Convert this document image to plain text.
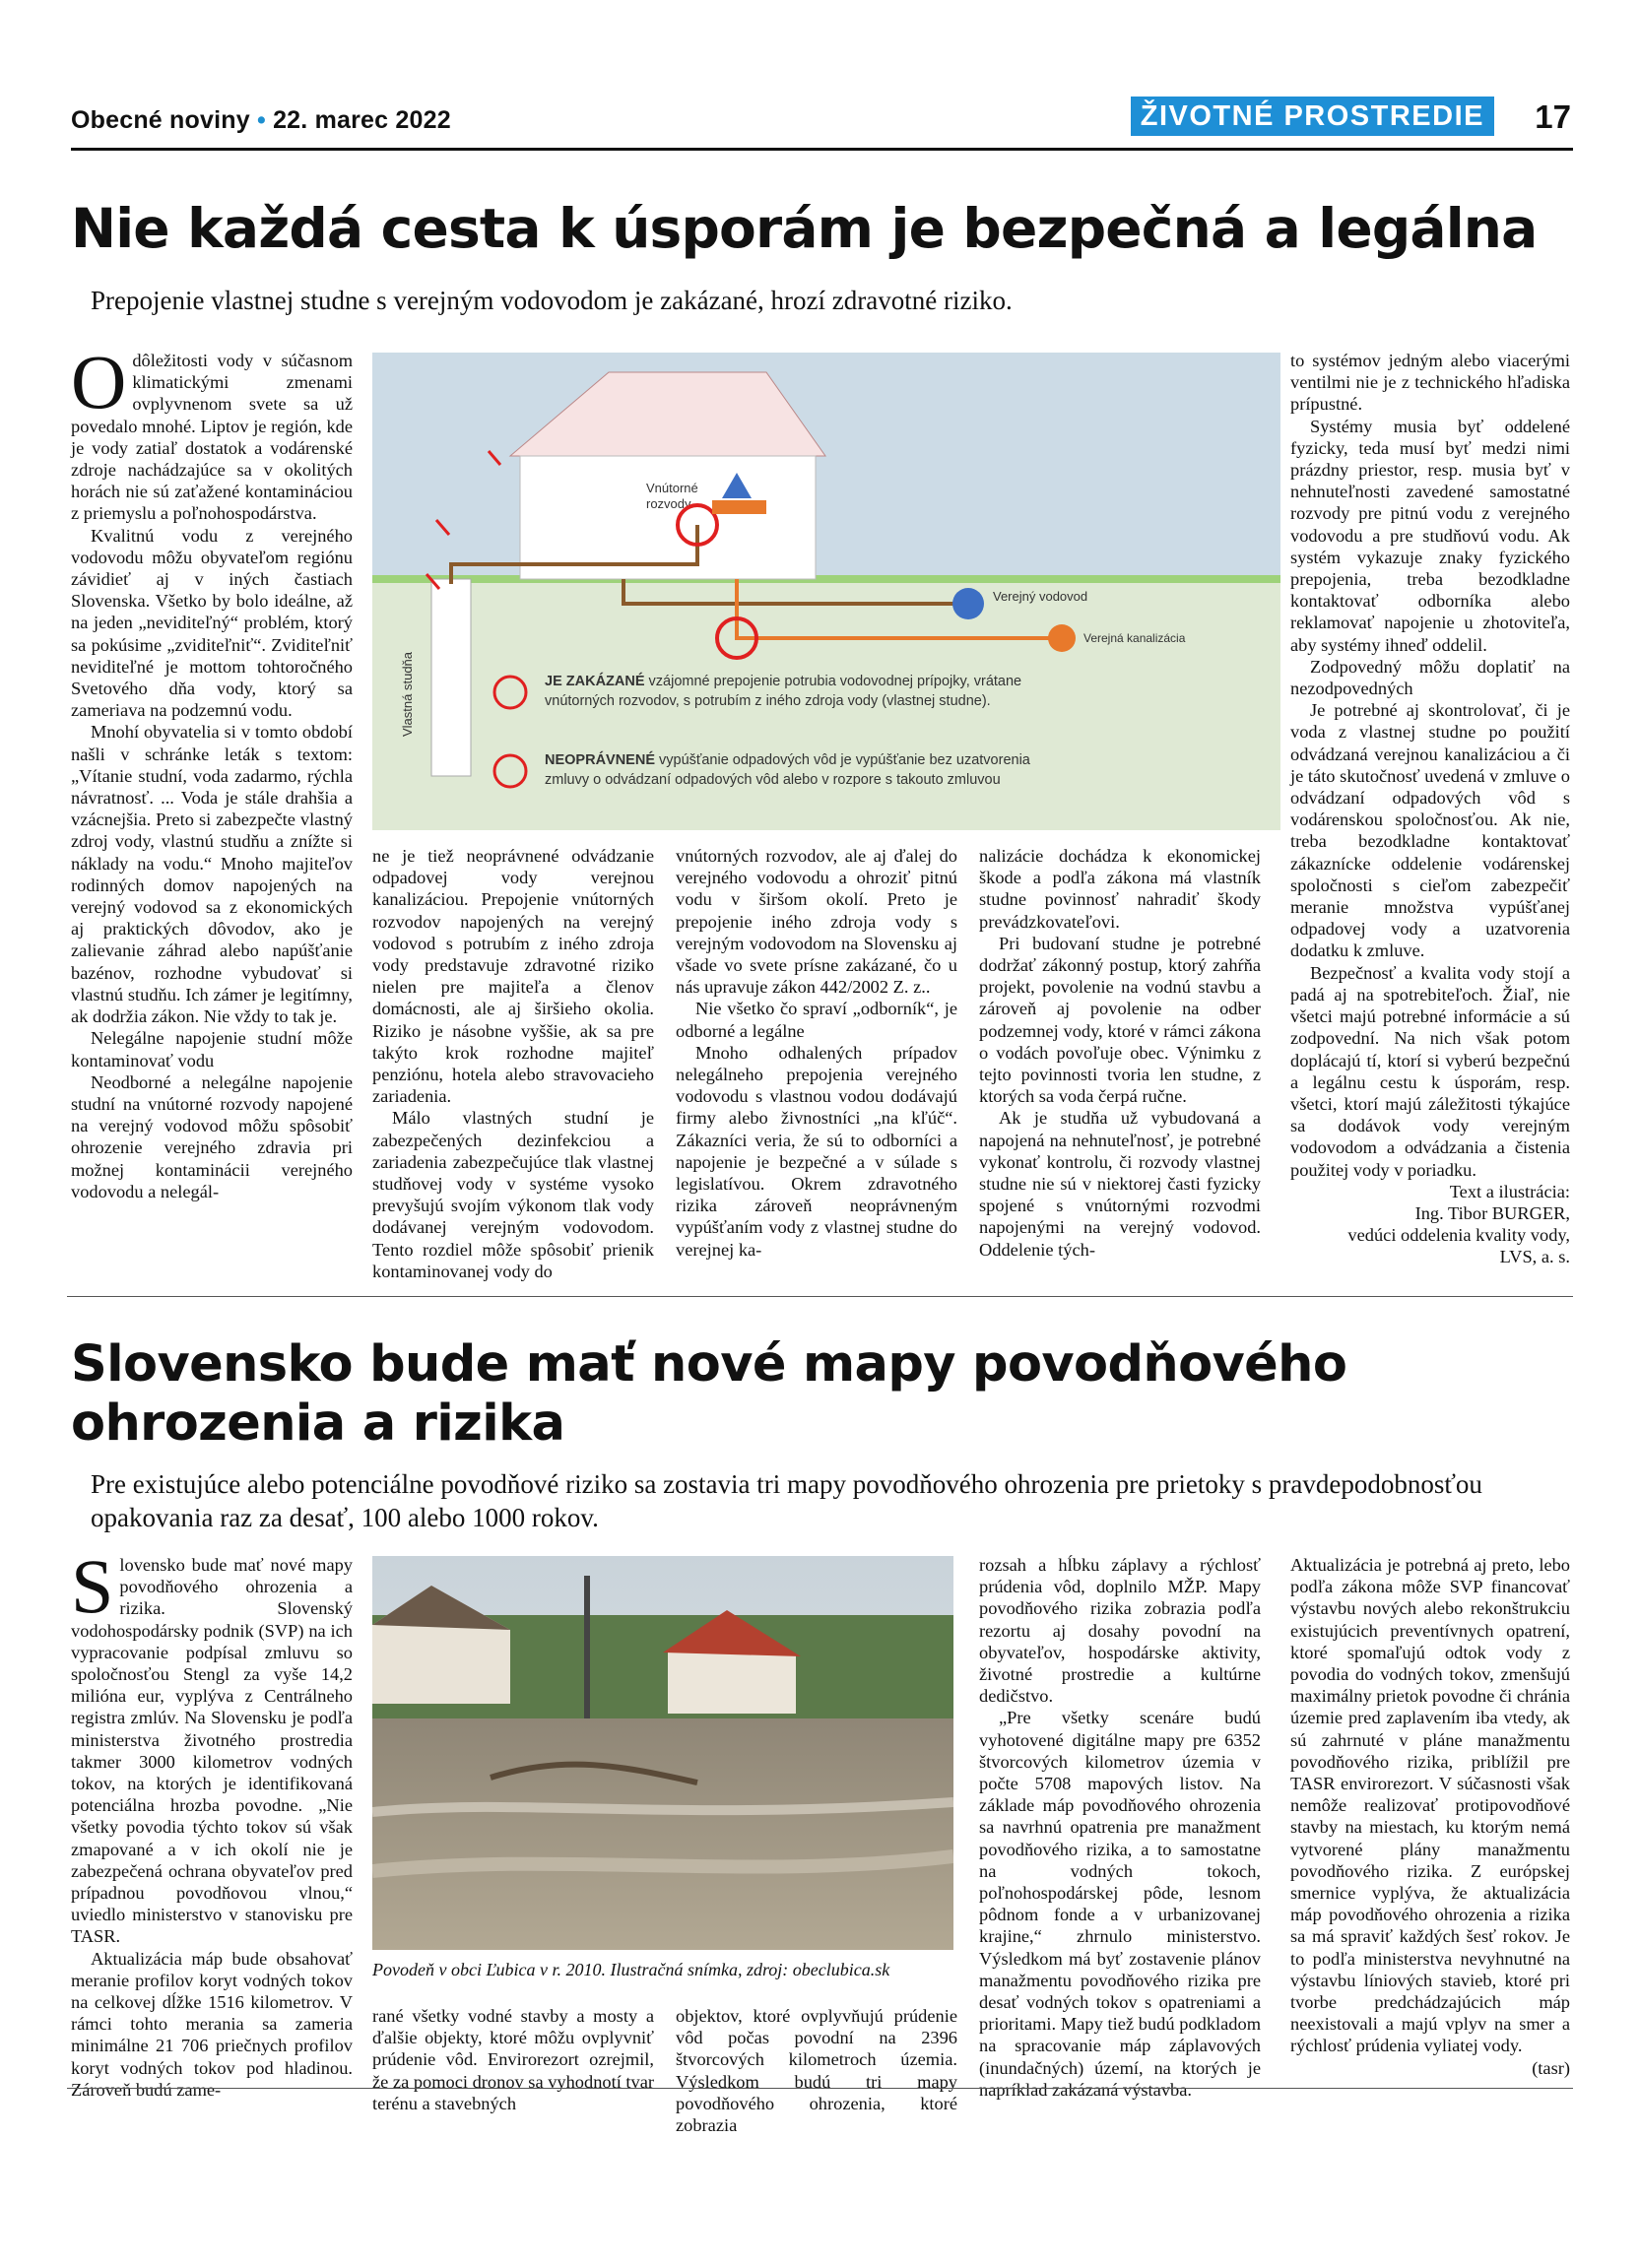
Obecné noviny • 22. marec 2022	ŽIVOTNÉ PROSTREDIE	17
Nie každá cesta k úsporám je bezpečná a legálna
Prepojenie vlastnej studne s verejným vodovodom je zakázané, hrozí zdravotné riziko.

Odôležitosti vody v súčasnom klimatickými zmenami ovplyvnenom svete sa už povedalo mnohé. Liptov je región, kde je vody zatiaľ dostatok a vodárenské zdroje nachádzajúce sa v okolitých horách nie sú zaťažené kontamináciou z priemyslu a poľnohospodárstva.

Kvalitnú vodu z verejného vodovodu môžu obyvateľom regiónu závidieť aj v iných častiach Slovenska. Všetko by bolo ideálne, až na jeden „neviditeľný“ problém, ktorý sa pokúsime „zviditeľniť“. Zviditeľniť neviditeľné je mottom tohtoročného Svetového dňa vody, ktorý sa zameriava na podzemnú vodu.

Mnohí obyvatelia si v tomto období našli v schránke leták s textom: „Vítanie studní, voda zadarmo, rýchla návratnosť. ... Voda je stále drahšia a vzácnejšia. Preto si zabezpečte vlastný zdroj vody, vlastnú studňu a znížte si náklady na vodu.“ Mnoho majiteľov rodinných domov napojených na verejný vodovod sa z ekonomických aj praktických dôvodov, ako je zalievanie záhrad alebo napúšťanie bazénov, rozhodne vybudovať si vlastnú studňu. Ich zámer je legitímny, ak dodržia zákon. Nie vždy to tak je.

Nelegálne napojenie studní môže kontaminovať vodu

Neodborné a nelegálne napojenie studní na vnútorné rozvody napojené na verejný vodovod môžu spôsobiť ohrozenie verejného zdravia pri možnej kontaminácii verejného vodovodu a nelegál-

Vnútorné rozvody
Vlastná studňa
Verejný vodovod
Verejná kanalizácia
JE ZAKÁZANÉ vzájomné prepojenie potrubia vodovodnej prípojky, vrátane vnútorných rozvodov, s potrubím z iného zdroja vody (vlastnej studne).
NEOPRÁVNENÉ vypúšťanie odpadových vôd je vypúšťanie bez uzatvorenia zmluvy o odvádzaní odpadových vôd alebo v rozpore s takouto zmluvou

ne je tiež neoprávnené odvádzanie odpadovej vody verejnou kanalizáciou. Prepojenie vnútorných rozvodov napojených na verejný vodovod s potrubím z iného zdroja vody predstavuje zdravotné riziko nielen pre majiteľa a členov domácnosti, ale aj širšieho okolia. Riziko je násobne vyššie, ak sa pre takýto krok rozhodne majiteľ penziónu, hotela alebo stravovacieho zariadenia.

Málo vlastných studní je zabezpečených dezinfekciou a zariadenia zabezpečujúce tlak vlastnej studňovej vody v systéme vysoko prevyšujú svojím výkonom tlak vody dodávanej verejným vodovodom. Tento rozdiel môže spôsobiť prienik kontaminovanej vody do

vnútorných rozvodov, ale aj ďalej do verejného vodovodu a ohroziť pitnú vodu v širšom okolí. Preto je prepojenie iného zdroja vody s verejným vodovodom na Slovensku aj všade vo svete prísne zakázané, čo u nás upravuje zákon 442/2002 Z. z..

Nie všetko čo spraví „odborník“, je odborné a legálne

Mnoho odhalených prípadov nelegálneho prepojenia verejného vodovodu s vlastnou vodou dodávajú firmy alebo živnostníci „na kľúč“. Zákazníci veria, že sú to odborníci a napojenie je bezpečné a v súlade s legislatívou. Okrem zdravotného rizika zároveň neoprávneným vypúšťaním vody z vlastnej studne do verejnej ka-

nalizácie dochádza k ekonomickej škode a podľa zákona má vlastník studne povinnosť nahradiť škody prevádzkovateľovi.

Pri budovaní studne je potrebné dodržať zákonný postup, ktorý zahŕňa projekt, povolenie na vodnú stavbu a zároveň aj povolenie na odber podzemnej vody, ktoré v rámci zákona o vodách povoľuje obec. Výnimku z tejto povinnosti tvoria len studne, z ktorých sa voda čerpá ručne.

Ak je studňa už vybudovaná a napojená na nehnuteľnosť, je potrebné vykonať kontrolu, či rozvody vlastnej studne nie sú v niektorej časti fyzicky spojené s vnútornými rozvodmi napojenými na verejný vodovod. Oddelenie tých-

to systémov jedným alebo viacerými ventilmi nie je z technického hľadiska prípustné.

Systémy musia byť oddelené fyzicky, teda musí byť medzi nimi prázdny priestor, resp. musia byť v nehnuteľnosti zavedené samostatné rozvody pre pitnú vodu z verejného vodovodu a pre studňovú vodu. Ak systém vykazuje znaky fyzického prepojenia, treba bezodkladne kontaktovať odborníka alebo reklamovať napojenie u zhotoviteľa, aby systémy ihneď oddelil.

Zodpovedný môžu doplatiť na nezodpovedných

Je potrebné aj skontrolovať, či je voda z vlastnej studne po použití odvádzaná verejnou kanalizáciou a či je táto skutočnosť uvedená v zmluve o odvádzaní odpadových vôd s vodárenskou spoločnosťou. Ak nie, treba bezodkladne kontaktovať zákaznícke oddelenie vodárenskej spoločnosti s cieľom zabezpečiť meranie množstva vypúšťanej odpadovej vody a uzatvorenia dodatku k zmluve.

Bezpečnosť a kvalita vody stojí a padá aj na spotrebiteľoch. Žiaľ, nie všetci majú potrebné informácie a sú zodpovední. Na nich však potom doplácajú tí, ktorí si vyberú bezpečnú a legálnu cestu k úsporám, resp. všetci, ktorí majú záležitosti týkajúce sa dodávok vody verejným vodovodom a odvádzania a čistenia použitej vody v poriadku.

Text a ilustrácia:
Ing. Tibor BURGER,
vedúci oddelenia kvality vody,
LVS, a. s.
Slovensko bude mať nové mapy povodňového
ohrozenia a rizika
Pre existujúce alebo potenciálne povodňové riziko sa zostavia tri mapy povodňového ohrozenia pre prietoky s pravdepodobnosťou opakovania raz za desať, 100 alebo 1000 rokov.

Slovensko bude mať nové mapy povodňového ohrozenia a rizika. Slovenský vodohospodársky podnik (SVP) na ich vypracovanie podpísal zmluvu so spoločnosťou Stengl za vyše 14,2 milióna eur, vyplýva z Centrálneho registra zmlúv. Na Slovensku je podľa ministerstva životného prostredia takmer 3000 kilometrov vodných tokov, na ktorých je identifikovaná potenciálna hrozba povodne. „Nie všetky povodia týchto tokov sú však zmapované a v ich okolí nie je zabezpečená ochrana obyvateľov pred prípadnou povodňovou vlnou,“ uviedlo ministerstvo v stanovisku pre TASR.

Aktualizácia máp bude obsahovať meranie profilov koryt vodných tokov na celkovej dĺžke 1516 kilometrov. V rámci tohto merania sa zameria minimálne 21 706 priečnych profilov koryt vodných tokov pod hladinou. Zároveň budú zame-

Povodeň v obci Ľubica v r. 2010. Ilustračná snímka, zdroj: obeclubica.sk

rané všetky vodné stavby a mosty a ďalšie objekty, ktoré môžu ovplyvniť prúdenie vôd. Envirorezort ozrejmil, že za pomoci dronov sa vyhodnotí tvar terénu a stavebných

objektov, ktoré ovplyvňujú prúdenie vôd počas povodní na 2396 štvorcových kilometroch územia. Výsledkom budú tri mapy povodňového ohrozenia, ktoré zobrazia

rozsah a hĺbku záplavy a rýchlosť prúdenia vôd, doplnilo MŽP. Mapy povodňového rizika zobrazia podľa rezortu aj dosahy povodní na obyvateľov, hospodárske aktivity, životné prostredie a kultúrne dedičstvo.

„Pre všetky scenáre budú vyhotovené digitálne mapy pre 6352 štvorcových kilometrov územia v počte 5708 mapových listov. Na základe máp povodňového ohrozenia sa navrhnú opatrenia pre manažment povodňového rizika, a to samostatne na vodných tokoch, poľnohospodárskej pôde, lesnom pôdnom fonde a v urbanizovanej krajine,“ zhrnulo ministerstvo. Výsledkom má byť zostavenie plánov manažmentu povodňového rizika pre desať vodných tokov s opatreniami a prioritami. Mapy tiež budú podkladom na spracovanie máp záplavových (inundačných) území, na ktorých je napríklad zakázaná výstavba.

Aktualizácia je potrebná aj preto, lebo podľa zákona môže SVP financovať výstavbu nových alebo rekonštrukciu existujúcich preventívnych opatrení, ktoré spomaľujú odtok vody z povodia do vodných tokov, zmenšujú maximálny prietok povodne či chránia územie pred zaplavením iba vtedy, ak sú zahrnuté v pláne manažmentu povodňového rizika, priblížil pre TASR envirorezort. V súčasnosti však nemôže realizovať protipovodňové stavby na miestach, ku ktorým nemá vytvorené plány manažmentu povodňového rizika. Z európskej smernice vyplýva, že aktualizácia máp povodňového ohrozenia a rizika sa má spraviť každých šesť rokov. Je to podľa ministerstva nevyhnutné na výstavbu líniových stavieb, ktoré pri tvorbe predchádzajúcich máp neexistovali a majú vplyv na smer a rýchlosť prúdenia vyliatej vody.

(tasr)
